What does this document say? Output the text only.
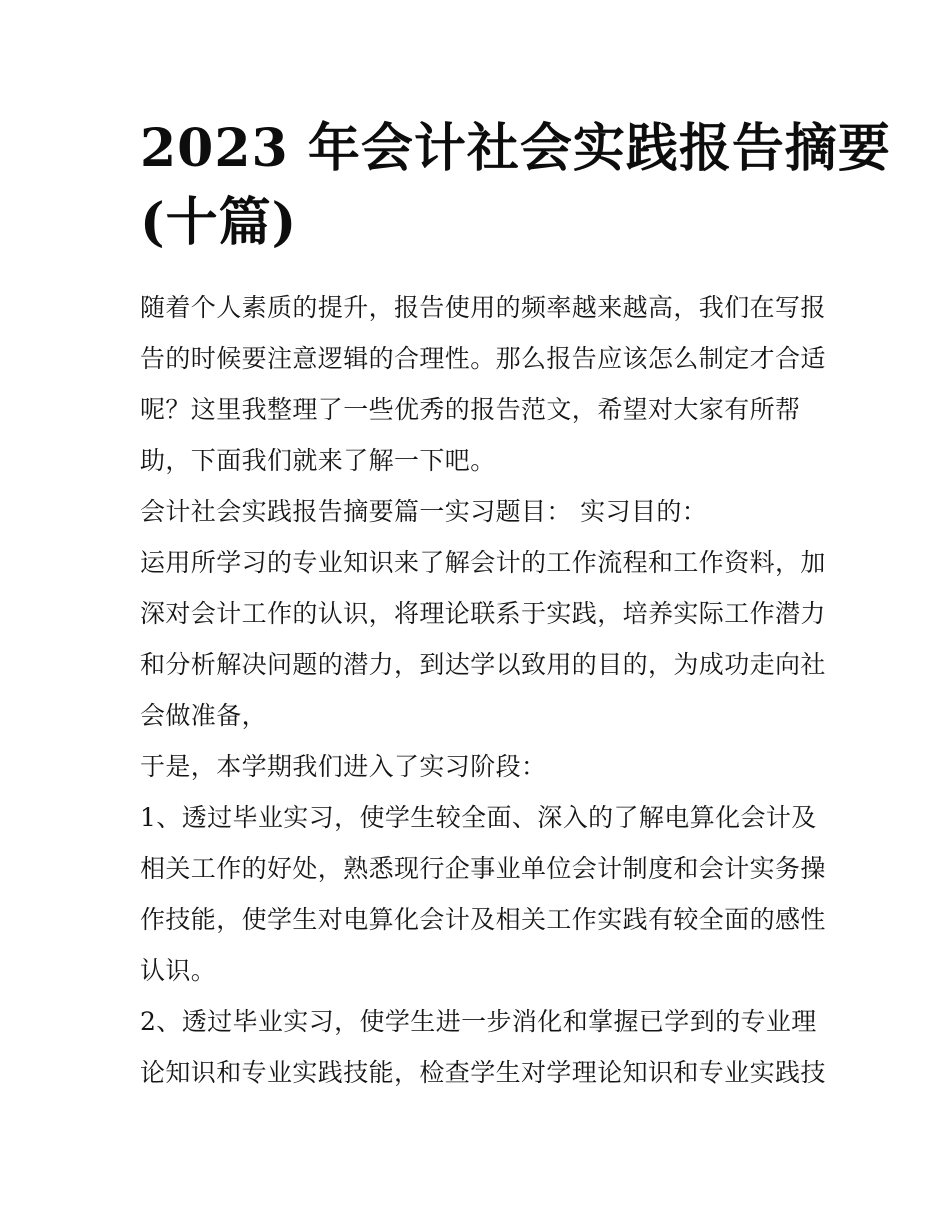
2023 年会计社会实践报告摘要
(十篇)

随着个人素质的提升，报告使用的频率越来越高，我们在写报
告的时候要注意逻辑的合理性。那么报告应该怎么制定才合适
呢？这里我整理了一些优秀的报告范文，希望对大家有所帮
助，下面我们就来了解一下吧。

会计社会实践报告摘要篇一实习题目： 实习目的：

运用所学习的专业知识来了解会计的工作流程和工作资料，加
深对会计工作的认识，将理论联系于实践，培养实际工作潜力
和分析解决问题的潜力，到达学以致用的目的，为成功走向社
会做准备，

于是，本学期我们进入了实习阶段：

1、透过毕业实习，使学生较全面、深入的了解电算化会计及
相关工作的好处，熟悉现行企事业单位会计制度和会计实务操
作技能，使学生对电算化会计及相关工作实践有较全面的感性
认识。

2、透过毕业实习，使学生进一步消化和掌握已学到的专业理
论知识和专业实践技能，检查学生对学理论知识和专业实践技
